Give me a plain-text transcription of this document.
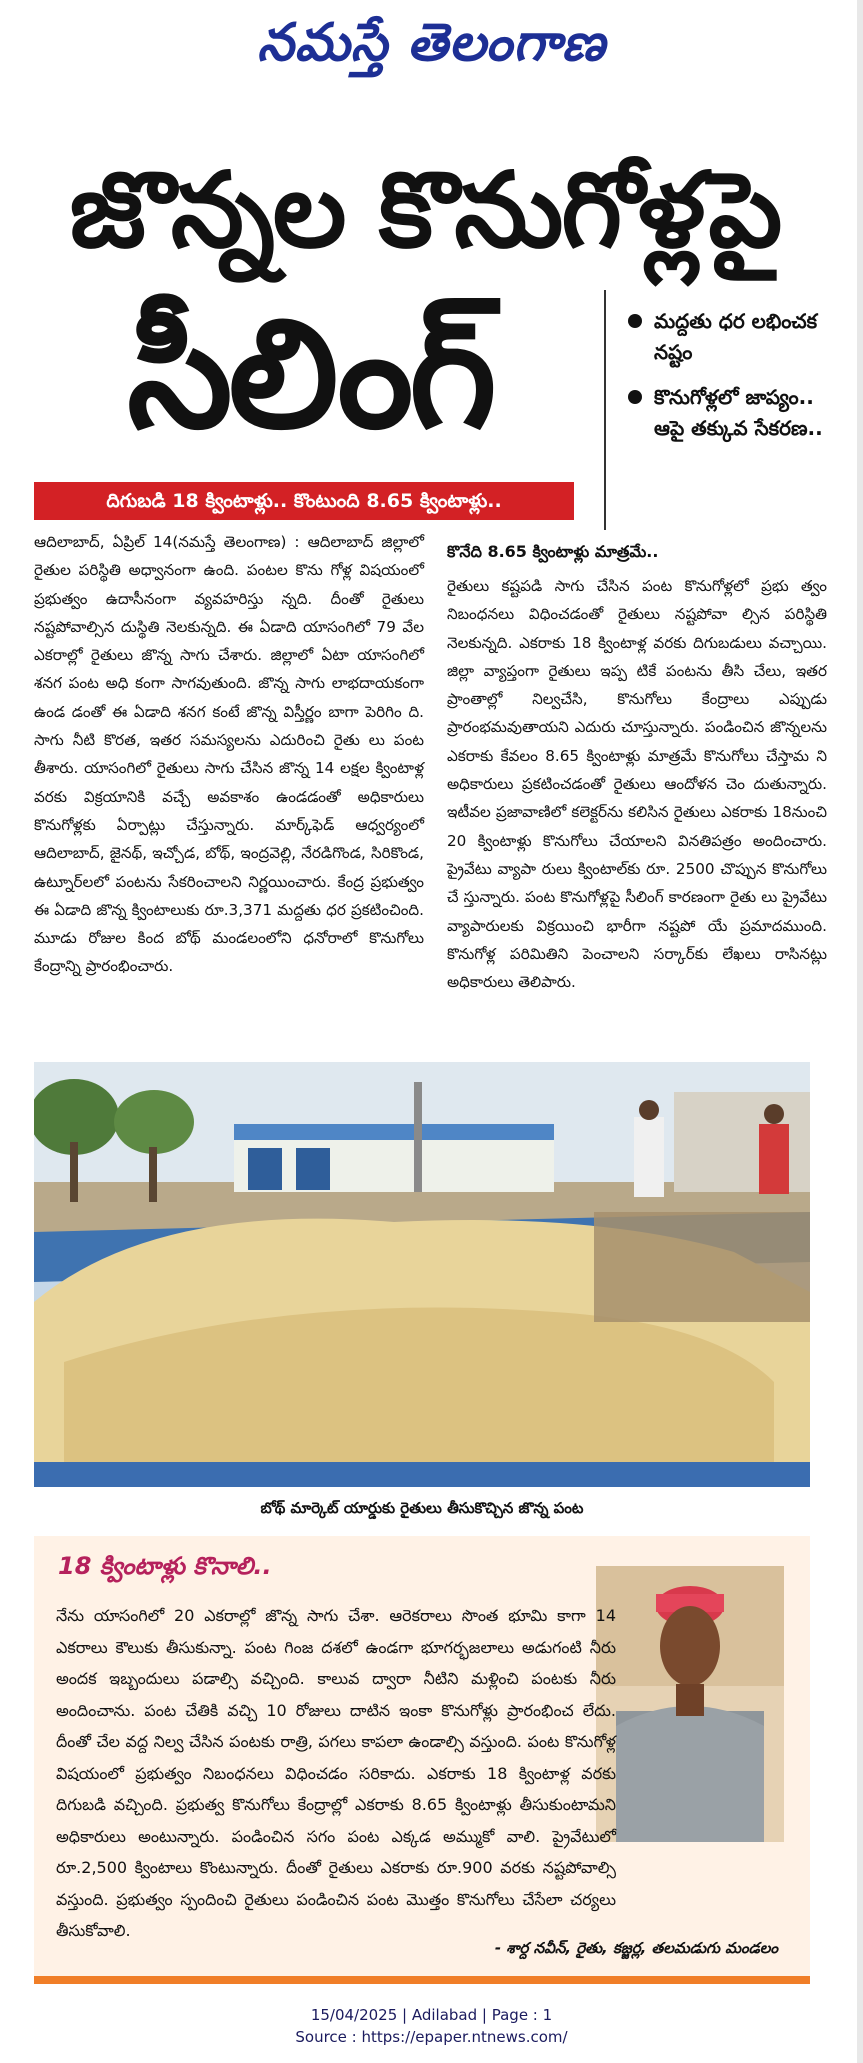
నమస్తే తెలంగాణ
జొన్నల కొనుగోళ్లపై
సీలింగ్	మద్దతు ధర లభించక నష్టం
కొనుగోళ్లలో జాప్యం.. ఆపై తక్కువ సేకరణ..
దిగుబడి 18 క్వింటాళ్లు.. కొంటుంది 8.65 క్వింటాళ్లు..
ఆదిలాబాద్, ఏప్రిల్ 14(నమస్తే తెలంగాణ) : ఆదిలాబాద్ జిల్లాలో రైతుల పరిస్థితి అధ్వానంగా ఉంది. పంటల కొను గోళ్ల విషయంలో ప్రభుత్వం ఉదాసీనంగా వ్యవహరిస్తు న్నది. దీంతో రైతులు నష్టపోవాల్సిన దుస్థితి నెలకున్నది. ఈ ఏడాది యాసంగిలో 79 వేల ఎకరాల్లో రైతులు జొన్న సాగు చేశారు. జిల్లాలో ఏటా యాసంగిలో శనగ పంట అధి కంగా సాగవుతుంది. జొన్న సాగు లాభదాయకంగా ఉండ డంతో ఈ ఏడాది శనగ కంటే జొన్న విస్తీర్ణం బాగా పెరిగిం ది. సాగు నీటి కొరత, ఇతర సమస్యలను ఎదురించి రైతు లు పంట తీశారు. యాసంగిలో రైతులు సాగు చేసిన జొన్న 14 లక్షల క్వింటాళ్ల వరకు విక్రయానికి వచ్చే అవకాశం ఉండడంతో అధికారులు కొనుగోళ్లకు ఏర్పాట్లు చేస్తున్నారు. మార్క్‌ఫెడ్ ఆధ్వర్యంలో ఆదిలాబాద్, జైనథ్, ఇచ్చోడ, బోథ్, ఇంద్రవెల్లి, నేరడిగొండ, సిరికొండ, ఉట్నూర్‌లలో పంటను సేకరించాలని నిర్ణయించారు. కేంద్ర ప్రభుత్వం ఈ ఏడాది జొన్న క్వింటాలుకు రూ.3,371 మద్దతు ధర ప్రకటించింది. మూడు రోజుల కింద బోథ్ మండలంలోని ధనోరాలో కొనుగోలు కేంద్రాన్ని ప్రారంభించారు.
కొనేది 8.65 క్వింటాళ్లు మాత్రమే..
రైతులు కష్టపడి సాగు చేసిన పంట కొనుగోళ్లలో ప్రభు త్వం నిబంధనలు విధించడంతో రైతులు నష్టపోవా ల్సిన పరిస్థితి నెలకున్నది. ఎకరాకు 18 క్వింటాళ్ల వరకు దిగుబడులు వచ్చాయి. జిల్లా వ్యాప్తంగా రైతులు ఇప్ప టికే పంటను తీసి చేలు, ఇతర ప్రాంతాల్లో నిల్వచేసి, కొనుగోలు కేంద్రాలు ఎప్పుడు ప్రారంభమవుతాయని ఎదురు చూస్తున్నారు. పండించిన జొన్నలను ఎకరాకు కేవలం 8.65 క్వింటాళ్లు మాత్రమే కొనుగోలు చేస్తామ ని అధికారులు ప్రకటించడంతో రైతులు ఆందోళన చెం దుతున్నారు. ఇటీవల ప్రజావాణిలో కలెక్టర్‌ను కలిసిన రైతులు ఎకరాకు 18నుంచి 20 క్వింటాళ్లు కొనుగోలు చేయాలని వినతిపత్రం అందించారు. ప్రైవేటు వ్యాపా రులు క్వింటాల్‌కు రూ. 2500 చొప్పున కొనుగోలు చే స్తున్నారు. పంట కొనుగోళ్లపై సీలింగ్ కారణంగా రైతు లు ప్రైవేటు వ్యాపారులకు విక్రయించి భారీగా నష్టపో యే ప్రమాదముంది. కొనుగోళ్ల పరిమితిని పెంచాలని సర్కార్‌కు లేఖలు రాసినట్లు అధికారులు తెలిపారు.
బోథ్ మార్కెట్ యార్డుకు రైతులు తీసుకొచ్చిన జొన్న పంట
18 క్వింటాళ్లు కొనాలి..
నేను యాసంగిలో 20 ఎకరాల్లో జొన్న సాగు చేశా. ఆరెకరాలు సొంత భూమి కాగా 14 ఎకరాలు కౌలుకు తీసుకున్నా. పంట గింజ దశలో ఉండగా భూగర్భజలాలు అడుగంటి నీరు అందక ఇబ్బందులు పడాల్సి వచ్చింది. కాలువ ద్వారా నీటిని మళ్లించి పంటకు నీరు అందించాను. పంట చేతికి వచ్చి 10 రోజులు దాటిన ఇంకా కొనుగోళ్లు ప్రారంభించ లేదు. దీంతో చేల వద్ద నిల్వ చేసిన పంటకు రాత్రి, పగలు కాపలా ఉండాల్సి వస్తుంది. పంట కొనుగోళ్ల విషయంలో ప్రభుత్వం నిబంధనలు విధించడం సరికాదు. ఎకరాకు 18 క్వింటాళ్ల వరకు దిగుబడి వచ్చింది. ప్రభుత్వ కొనుగోలు కేంద్రాల్లో ఎకరాకు 8.65 క్వింటాళ్లు తీసుకుంటామని అధికారులు అంటున్నారు. పండించిన సగం పంట ఎక్కడ అమ్ముకో వాలి. ప్రైవేటులో రూ.2,500 క్వింటాలు కొంటున్నారు. దీంతో రైతులు ఎకరాకు రూ.900 వరకు నష్టపోవాల్సి వస్తుంది. ప్రభుత్వం స్పందించి రైతులు పండించిన పంట మొత్తం కొనుగోలు చేసేలా చర్యలు తీసుకోవాలి.
- శార్ద నవీన్, రైతు, కజ్జర్ల, తలమడుగు మండలం
15/04/2025 | Adilabad | Page : 1
Source : https://epaper.ntnews.com/
